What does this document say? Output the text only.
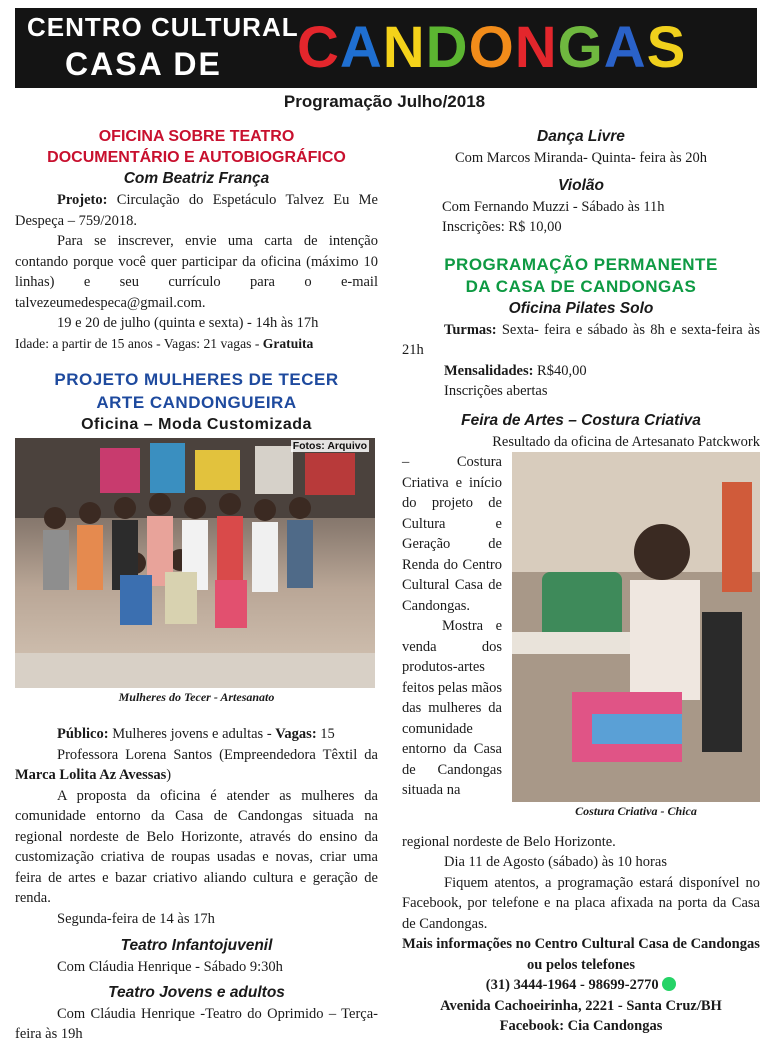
CENTRO CULTURAL
CASA DE CANDONGAS
Programação Julho/2018
OFICINA SOBRE TEATRO
DOCUMENTÁRIO E AUTOBIOGRÁFICO
Com Beatriz França

Projeto: Circulação do Espetáculo Talvez Eu Me Despeça – 759/2018.

Para se inscrever, envie uma carta de intenção contando porque você quer participar da oficina (máximo 10 linhas) e seu currículo para o e-mail talvezeumedespeca@gmail.com.

19 e 20 de julho (quinta e sexta) - 14h às 17h

Idade: a partir de 15 anos - Vagas: 21 vagas - Gratuita

PROJETO MULHERES DE TECER
ARTE CANDONGUEIRA
Oficina – Moda Customizada
Fotos: Arquivo
Mulheres do Tecer - Artesanato

Público: Mulheres jovens e adultas - Vagas: 15

Professora Lorena Santos (Empreendedora Têxtil da Marca Lolita Az Avessas)

A proposta da oficina é atender as mulheres da comunidade entorno da Casa de Candongas situada na regional nordeste de Belo Horizonte, através do ensino da customização criativa de roupas usadas e novas, criar uma feira de artes e bazar criativo aliando cultura e geração de renda.

Segunda-feira de 14 às 17h

Teatro Infantojuvenil

Com Cláudia Henrique - Sábado 9:30h

Teatro Jovens e adultos

Com Cláudia Henrique -Teatro do Oprimido – Terça-feira às 19h

Dança Livre

Com Marcos Miranda- Quinta- feira às 20h

Violão

Com Fernando Muzzi - Sábado às 11h

Inscrições: R$ 10,00

PROGRAMAÇÃO PERMANENTE
DA CASA DE CANDONGAS
Oficina Pilates Solo

Turmas: Sexta- feira e sábado às 8h e sexta-feira às 21h

Mensalidades: R$40,00

Inscrições abertas

Feira de Artes – Costura Criativa

Resultado da oficina de Artesanato Patckwork

– Costura Criativa e início do projeto de Cultura e Geração de Renda do Centro Cultural Casa de Candongas.

Mostra e venda dos produtos-artes feitos pelas mãos das mulheres da comunidade entorno da Casa de Candongas situada na

Costura Criativa - Chica

regional nordeste de Belo Horizonte.

Dia 11 de Agosto (sábado) às 10 horas

Fiquem atentos, a programação estará disponível no Facebook, por telefone e na placa afixada na porta da Casa de Candongas.

Mais informações no Centro Cultural Casa de Candongas ou pelos telefones

(31) 3444-1964 - 98699-2770

Avenida Cachoeirinha, 2221 - Santa Cruz/BH

Facebook: Cia Candongas
